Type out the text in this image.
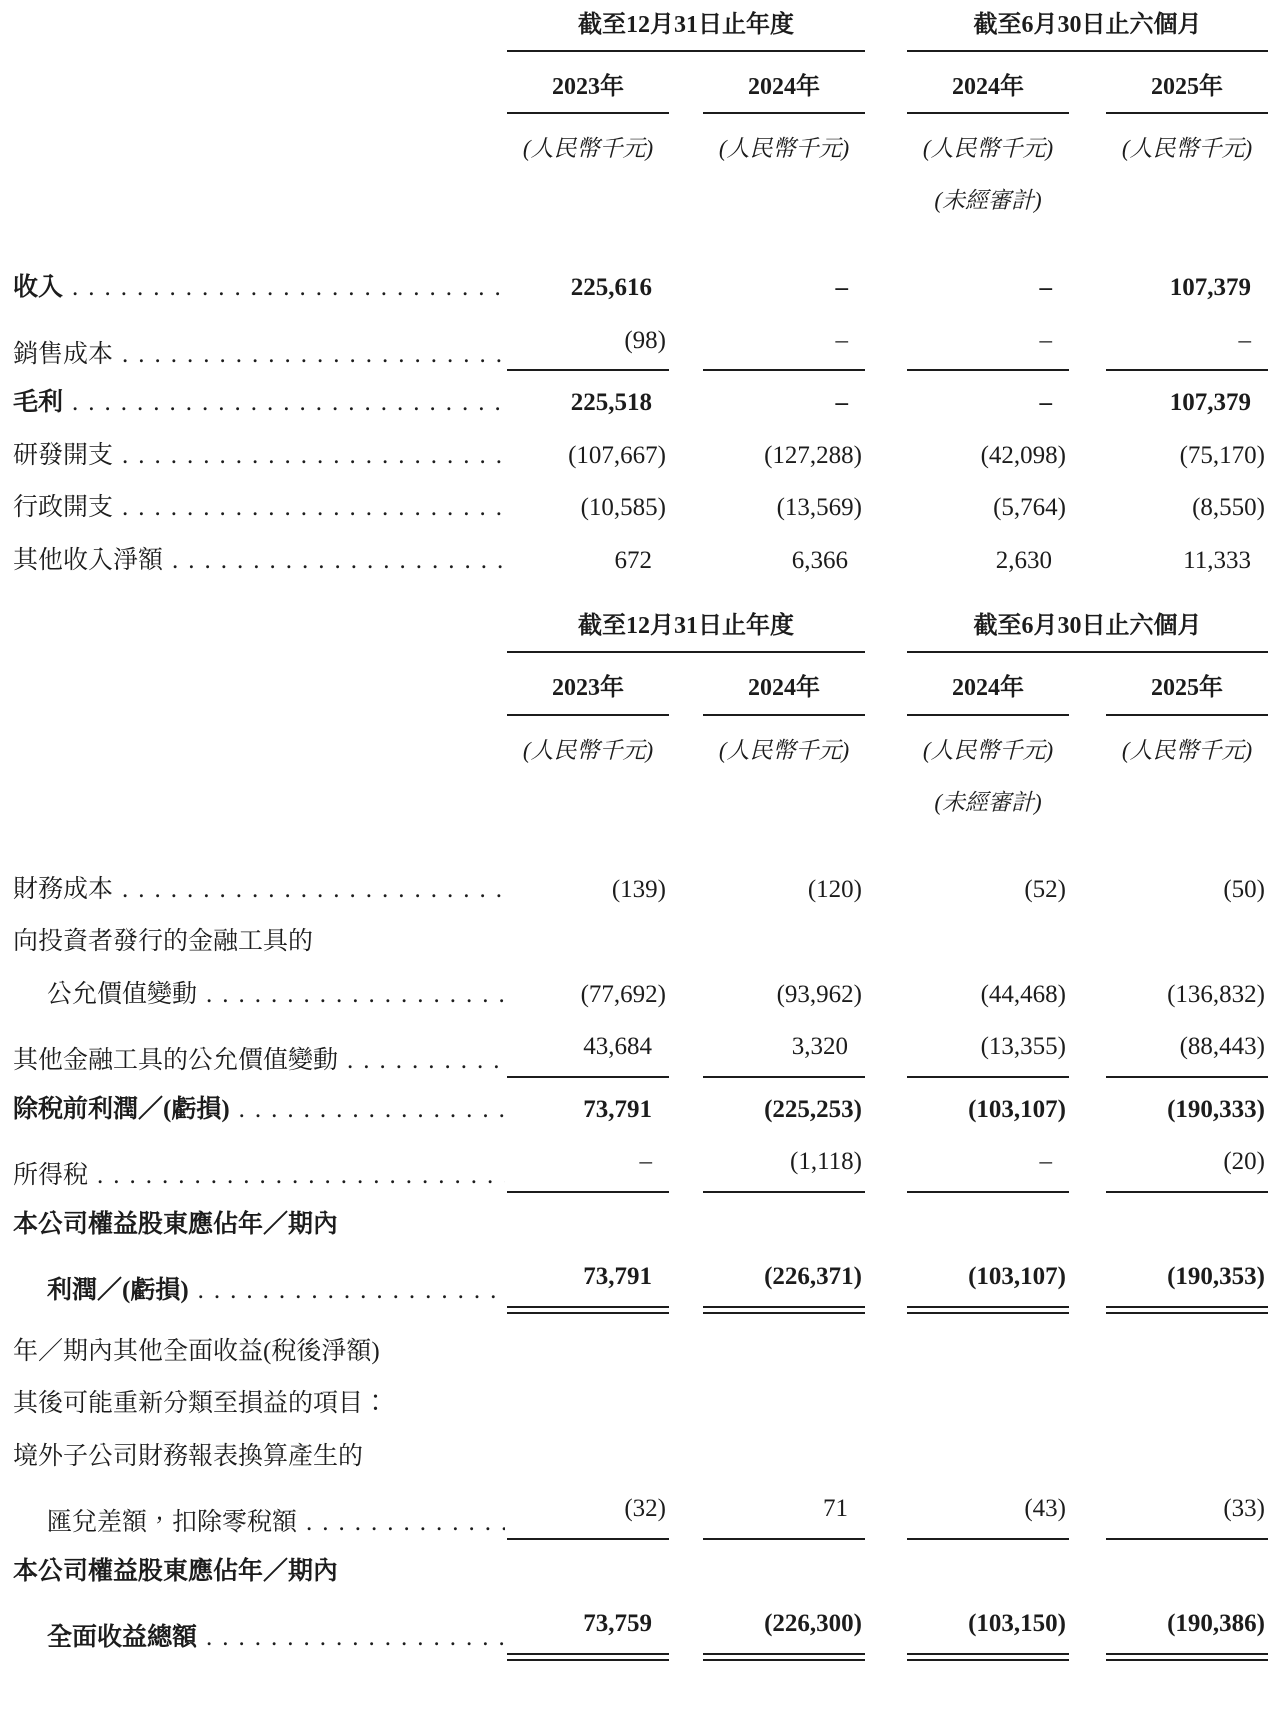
	截至12月31日止年度				截至6月30日止六個月		

	2023年		2024年		2024年		2025年

	(人民幣千元)		(人民幣千元)		(人民幣千元)		(人民幣千元)
					(未經審計)		

收入
.....	225,616		–		–		107,379

銷售成本
.....	(98)		–		–		–

毛利
.....	225,518		–		–		107,379

研發開支
.....	(107,667)		(127,288)		(42,098)		(75,170)

行政開支
.....	(10,585)		(13,569)		(5,764)		(8,550)

其他收入淨額
.....	672		6,366		2,630		11,333

	截至12月31日止年度				截至6月30日止六個月		

	2023年		2024年		2024年		2025年

	(人民幣千元)		(人民幣千元)		(人民幣千元)		(人民幣千元)
					(未經審計)		

財務成本
.....	(139)		(120)		(52)		(50)

向投資者發行的金融工具的							

公允價值變動
.....	(77,692)		(93,962)		(44,468)		(136,832)

其他金融工具的公允價值變動
.....	43,684		3,320		(13,355)		(88,443)

除稅前利潤／(虧損)
.....	73,791		(225,253)		(103,107)		(190,333)

所得稅
.....	–		(1,118)		–		(20)

本公司權益股東應佔年／期內							

利潤／(虧損)
.....	73,791		(226,371)		(103,107)		(190,353)

年／期內其他全面收益(稅後淨額)							

其後可能重新分類至損益的項目：							

境外子公司財務報表換算產生的							

匯兌差額，扣除零稅額
.....	(32)		71		(43)		(33)

本公司權益股東應佔年／期內							

全面收益總額
.....	73,759		(226,300)		(103,150)		(190,386)
